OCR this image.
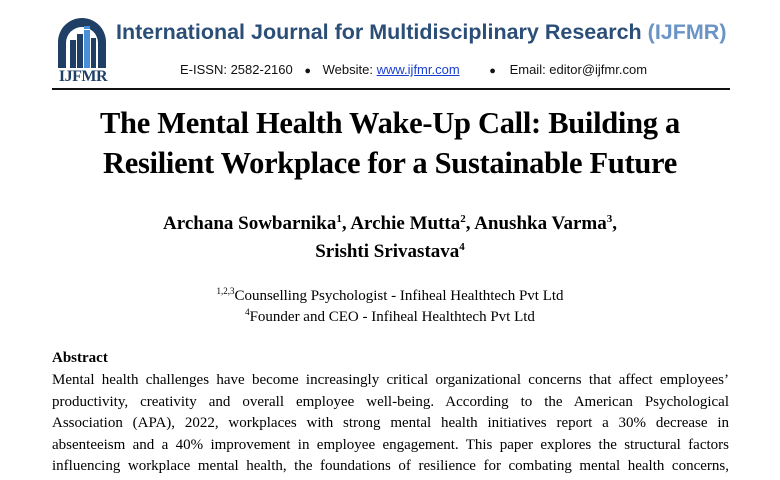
IJFMR
International Journal for Multidisciplinary Research (IJFMR)
E-ISSN: 2582-2160 ● Website: www.ijfmr.com	● Email: editor@ijfmr.com
The Mental Health Wake-Up Call: Building a
Resilient Workplace for a Sustainable Future
Archana Sowbarnika$^1$, Archie Mutta$^2$, Anushka Varma$^3$,
Srishti Srivastava$^4$
$^{1,2,3}$Counselling Psychologist - Infiheal Healthtech Pvt Ltd
$^4$Founder and CEO - Infiheal Healthtech Pvt Ltd
Abstract
Mental health challenges have become increasingly critical organizational concerns that affect employees’
productivity, creativity and overall employee well-being. According to the American Psychological
Association (APA), 2022, workplaces with strong mental health initiatives report a 30% decrease in
absenteeism and a 40% improvement in employee engagement. This paper explores the structural factors
influencing workplace mental health, the foundations of resilience for combating mental health concerns,
